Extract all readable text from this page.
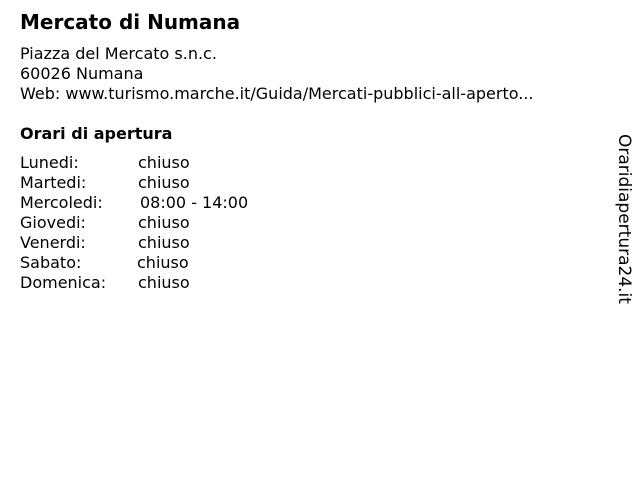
Mercato di Numana
Piazza del Mercato s.n.c.
60026 Numana
Web: www.turismo.marche.it/Guida/Mercati-pubblici-all-aperto...
Orari di apertura
Lunedi:	chiuso
Martedi:	chiuso
Mercoledi: 08:00 - 14:00
Giovedi:	chiuso
Venerdi:	chiuso
Sabato:	chiuso
Domenica: chiuso	Oraridiapertura24.it
